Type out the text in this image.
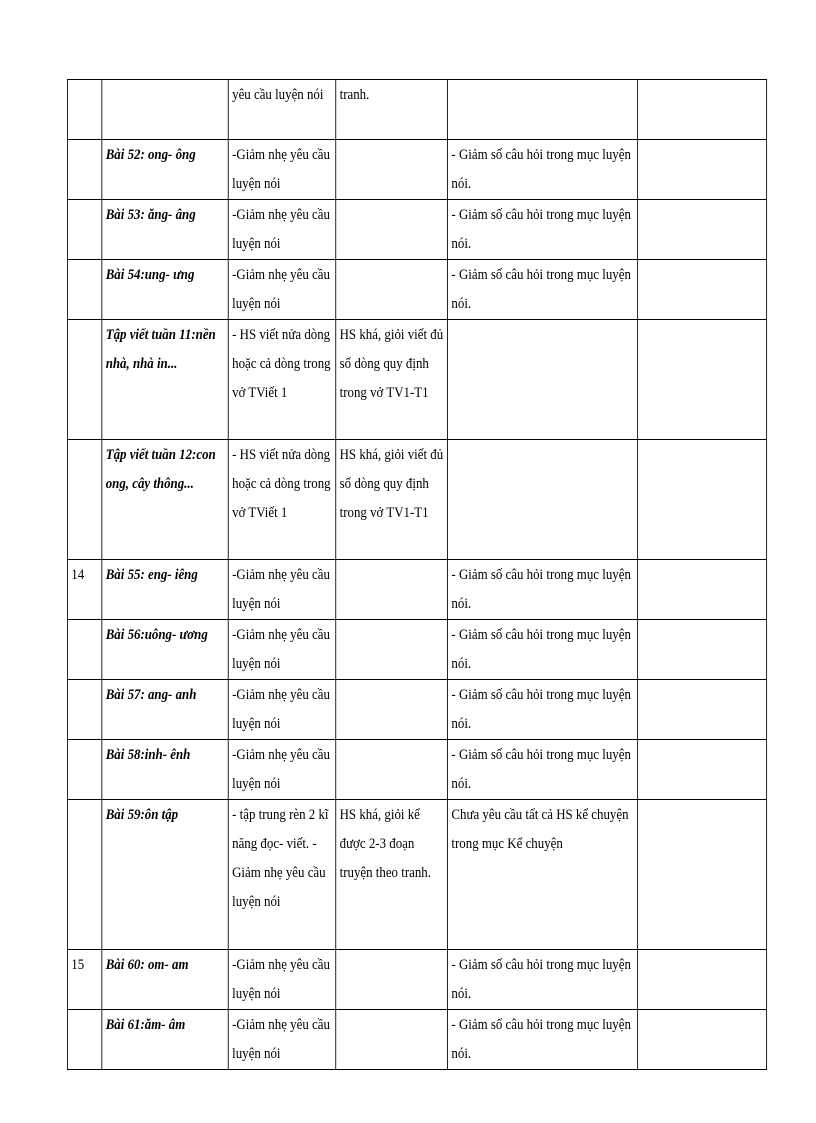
		yêu cầu luyện nói	tranh.		
	Bài 52: ong- ông	-Giảm nhẹ yêu cầu luyện nói		- Giảm số câu hỏi trong mục luyện nói.	
	Bài 53: ăng- âng	-Giảm nhẹ yêu cầu luyện nói		- Giảm số câu hỏi trong mục luyện nói.	
	Bài 54:ung- ưng	-Giảm nhẹ yêu cầu luyện nói		- Giảm số câu hỏi trong mục luyện nói.	
	Tập viết tuần 11:nền nhà, nhà in...	- HS viết nửa dòng hoặc cả dòng trong vở TViết 1	HS khá, giỏi viết đủ số dòng quy định trong vở TV1-T1		
	Tập viết tuần 12:con ong, cây thông...	- HS viết nửa dòng hoặc cả dòng trong vở TViết 1	HS khá, giỏi viết đủ số dòng quy định trong vở TV1-T1		
14	Bài 55: eng- iêng	-Giảm nhẹ yêu cầu luyện nói		- Giảm số câu hỏi trong mục luyện nói.	
	Bài 56:uông- ương	-Giảm nhẹ yêu cầu luyện nói		- Giảm số câu hỏi trong mục luyện nói.	
	Bài 57: ang- anh	-Giảm nhẹ yêu cầu luyện nói		- Giảm số câu hỏi trong mục luyện nói.	
	Bài 58:inh- ênh	-Giảm nhẹ yêu cầu luyện nói		- Giảm số câu hỏi trong mục luyện nói.	
	Bài 59:ôn tập	- tập trung rèn 2 kĩ năng đọc- viết. -Giảm nhẹ yêu cầu luyện nói	HS khá, giỏi kể được 2-3 đoạn truyện theo tranh.	Chưa yêu cầu tất cả HS kể chuyện trong mục Kể chuyện	
15	Bài 60: om- am	-Giảm nhẹ yêu cầu luyện nói		- Giảm số câu hỏi trong mục luyện nói.	
	Bài 61:ăm- âm	-Giảm nhẹ yêu cầu luyện nói		- Giảm số câu hỏi trong mục luyện nói.	
